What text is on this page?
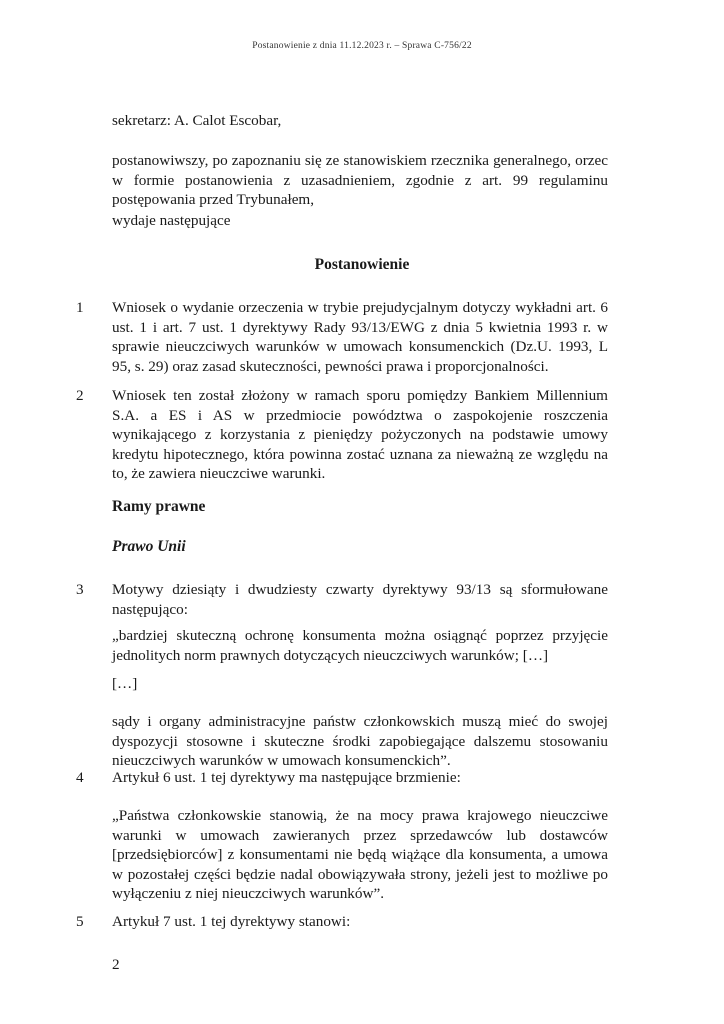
Postanowienie z dnia 11.12.2023 r. – Sprawa C-756/22
sekretarz: A. Calot Escobar,
postanowiwszy, po zapoznaniu się ze stanowiskiem rzecznika generalnego, orzec w formie postanowienia z uzasadnieniem, zgodnie z art. 99 regulaminu postępowania przed Trybunałem,
wydaje następujące
Postanowienie
1 Wniosek o wydanie orzeczenia w trybie prejudycjalnym dotyczy wykładni art. 6 ust. 1 i art. 7 ust. 1 dyrektywy Rady 93/13/EWG z dnia 5 kwietnia 1993 r. w sprawie nieuczciwych warunków w umowach konsumenckich (Dz.U. 1993, L 95, s. 29) oraz zasad skuteczności, pewności prawa i proporcjonalności.
2 Wniosek ten został złożony w ramach sporu pomiędzy Bankiem Millennium S.A. a ES i AS w przedmiocie powództwa o zaspokojenie roszczenia wynikającego z korzystania z pieniędzy pożyczonych na podstawie umowy kredytu hipotecznego, która powinna zostać uznana za nieważną ze względu na to, że zawiera nieuczciwe warunki.
Ramy prawne
Prawo Unii
3 Motywy dziesiąty i dwudziesty czwarty dyrektywy 93/13 są sformułowane następująco:
„bardziej skuteczną ochronę konsumenta można osiągnąć poprzez przyjęcie jednolitych norm prawnych dotyczących nieuczciwych warunków; […]
[…]
sądy i organy administracyjne państw członkowskich muszą mieć do swojej dyspozycji stosowne i skuteczne środki zapobiegające dalszemu stosowaniu nieuczciwych warunków w umowach konsumenckich”.
4 Artykuł 6 ust. 1 tej dyrektywy ma następujące brzmienie:
„Państwa członkowskie stanowią, że na mocy prawa krajowego nieuczciwe warunki w umowach zawieranych przez sprzedawców lub dostawców [przedsiębiorców] z konsumentami nie będą wiążące dla konsumenta, a umowa w pozostałej części będzie nadal obowiązywała strony, jeżeli jest to możliwe po wyłączeniu z niej nieuczciwych warunków”.
5 Artykuł 7 ust. 1 tej dyrektywy stanowi:
2
